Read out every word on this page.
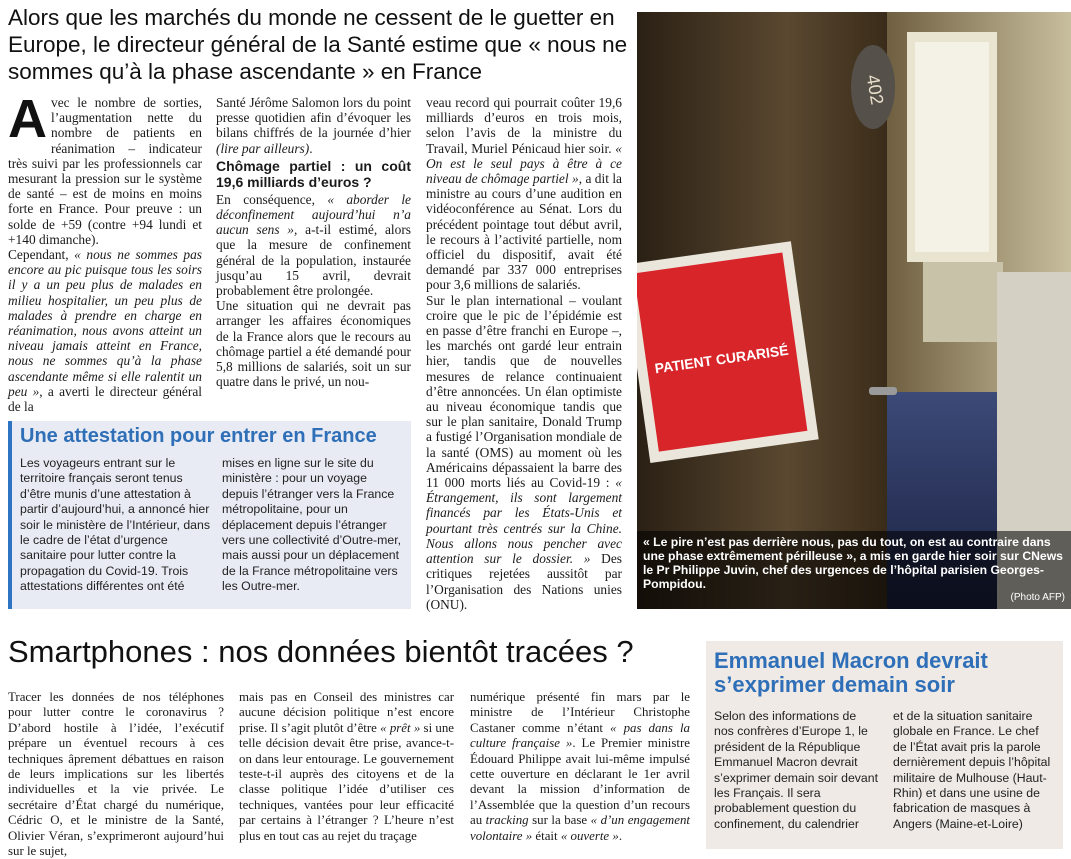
Alors que les marchés du monde ne cessent de le guetter en Europe, le directeur général de la Santé estime que « nous ne sommes qu’à la phase ascendante » en France

Avec le nombre de sorties, l’augmentation nette du nombre de patients en réanimation – indicateur très suivi par les professionnels car mesurant la pression sur le système de santé – est de moins en moins forte en France. Pour preuve : un solde de +59 (contre +94 lundi et +140 dimanche).

Cependant, « nous ne sommes pas encore au pic puisque tous les soirs il y a un peu plus de malades en milieu hospitalier, un peu plus de malades à prendre en charge en réanimation, nous avons atteint un niveau jamais atteint en France, nous ne sommes qu’à la phase ascendante même si elle ralentit un peu », a averti le directeur général de la

Santé Jérôme Salomon lors du point presse quotidien afin d’évoquer les bilans chiffrés de la journée d’hier (lire par ailleurs).

Chômage partiel : un coût 19,6 milliards d’euros ?

En conséquence, « aborder le déconfinement aujourd’hui n’a aucun sens », a-t-il estimé, alors que la mesure de confinement général de la population, instaurée jusqu’au 15 avril, devrait probablement être prolongée.

Une situation qui ne devrait pas arranger les affaires économiques de la France alors que le recours au chômage partiel a été demandé pour 5,8 millions de salariés, soit un sur quatre dans le privé, un nou-

veau record qui pourrait coûter 19,6 milliards d’euros en trois mois, selon l’avis de la ministre du Travail, Muriel Pénicaud hier soir. « On est le seul pays à être à ce niveau de chômage partiel », a dit la ministre au cours d’une audition en vidéoconférence au Sénat. Lors du précédent pointage tout début avril, le recours à l’activité partielle, nom officiel du dispositif, avait été demandé par 337 000 entreprises pour 3,6 millions de salariés.

Sur le plan international – voulant croire que le pic de l’épidémie est en passe d’être franchi en Europe –, les marchés ont gardé leur entrain hier, tandis que de nouvelles mesures de relance continuaient d’être annoncées. Un élan optimiste au niveau économique tandis que sur le plan sanitaire, Donald Trump a fustigé l’Organisation mondiale de la santé (OMS) au moment où les Américains dépassaient la barre des 11 000 morts liés au Covid-19 : « Étrangement, ils sont largement financés par les États-Unis et pourtant très centrés sur la Chine. Nous allons nous pencher avec attention sur le dossier. » Des critiques rejetées aussitôt par l’Organisation des Nations unies (ONU).

Une attestation pour entrer en France
Les voyageurs entrant sur le territoire français seront tenus d’être munis d’une attestation à partir d’aujourd’hui, a annoncé hier soir le ministère de l’Intérieur, dans le cadre de l’état d’urgence sanitaire pour lutter contre la propagation du Covid-19. Trois attestations différentes ont été
mises en ligne sur le site du ministère : pour un voyage depuis l’étranger vers la France métropolitaine, pour un déplacement depuis l’étranger vers une collectivité d’Outre-mer, mais aussi pour un déplacement de la France métropolitaine vers les Outre-mer.
402
PATIENT CURARISÉ
« Le pire n’est pas derrière nous, pas du tout, on est au contraire dans une phase extrêmement périlleuse », a mis en garde hier soir sur CNews le Pr Philippe Juvin, chef des urgences de l’hôpital parisien Georges-Pompidou.
(Photo AFP)
Smartphones : nos données bientôt tracées ?

Tracer les données de nos téléphones pour lutter contre le coronavirus ? D’abord hostile à l’idée, l’exécutif prépare un éventuel recours à ces techniques âprement débattues en raison de leurs implications sur les libertés individuelles et la vie privée. Le secrétaire d’État chargé du numérique, Cédric O, et le ministre de la Santé, Olivier Véran, s’exprimeront aujourd’hui sur le sujet,

mais pas en Conseil des ministres car aucune décision politique n’est encore prise. Il s’agit plutôt d’être « prêt » si une telle décision devait être prise, avance-t-on dans leur entourage. Le gouvernement teste-t-il auprès des citoyens et de la classe politique l’idée d’utiliser ces techniques, vantées pour leur efficacité par certains à l’étranger ? L’heure n’est plus en tout cas au rejet du traçage

numérique présenté fin mars par le ministre de l’Intérieur Christophe Castaner comme n’étant « pas dans la culture française ». Le Premier ministre Édouard Philippe avait lui-même impulsé cette ouverture en déclarant le 1er avril devant la mission d’information de l’Assemblée que la question d’un recours au tracking sur la base « d’un engagement volontaire » était « ouverte ».

Emmanuel Macron devrait s’exprimer demain soir
Selon des informations de nos confrères d’Europe 1, le président de la République Emmanuel Macron devrait s’exprimer demain soir devant les Français. Il sera probablement question du confinement, du calendrier
et de la situation sanitaire globale en France. Le chef de l’État avait pris la parole dernièrement depuis l’hôpital militaire de Mulhouse (Haut-Rhin) et dans une usine de fabrication de masques à Angers (Maine-et-Loire)
